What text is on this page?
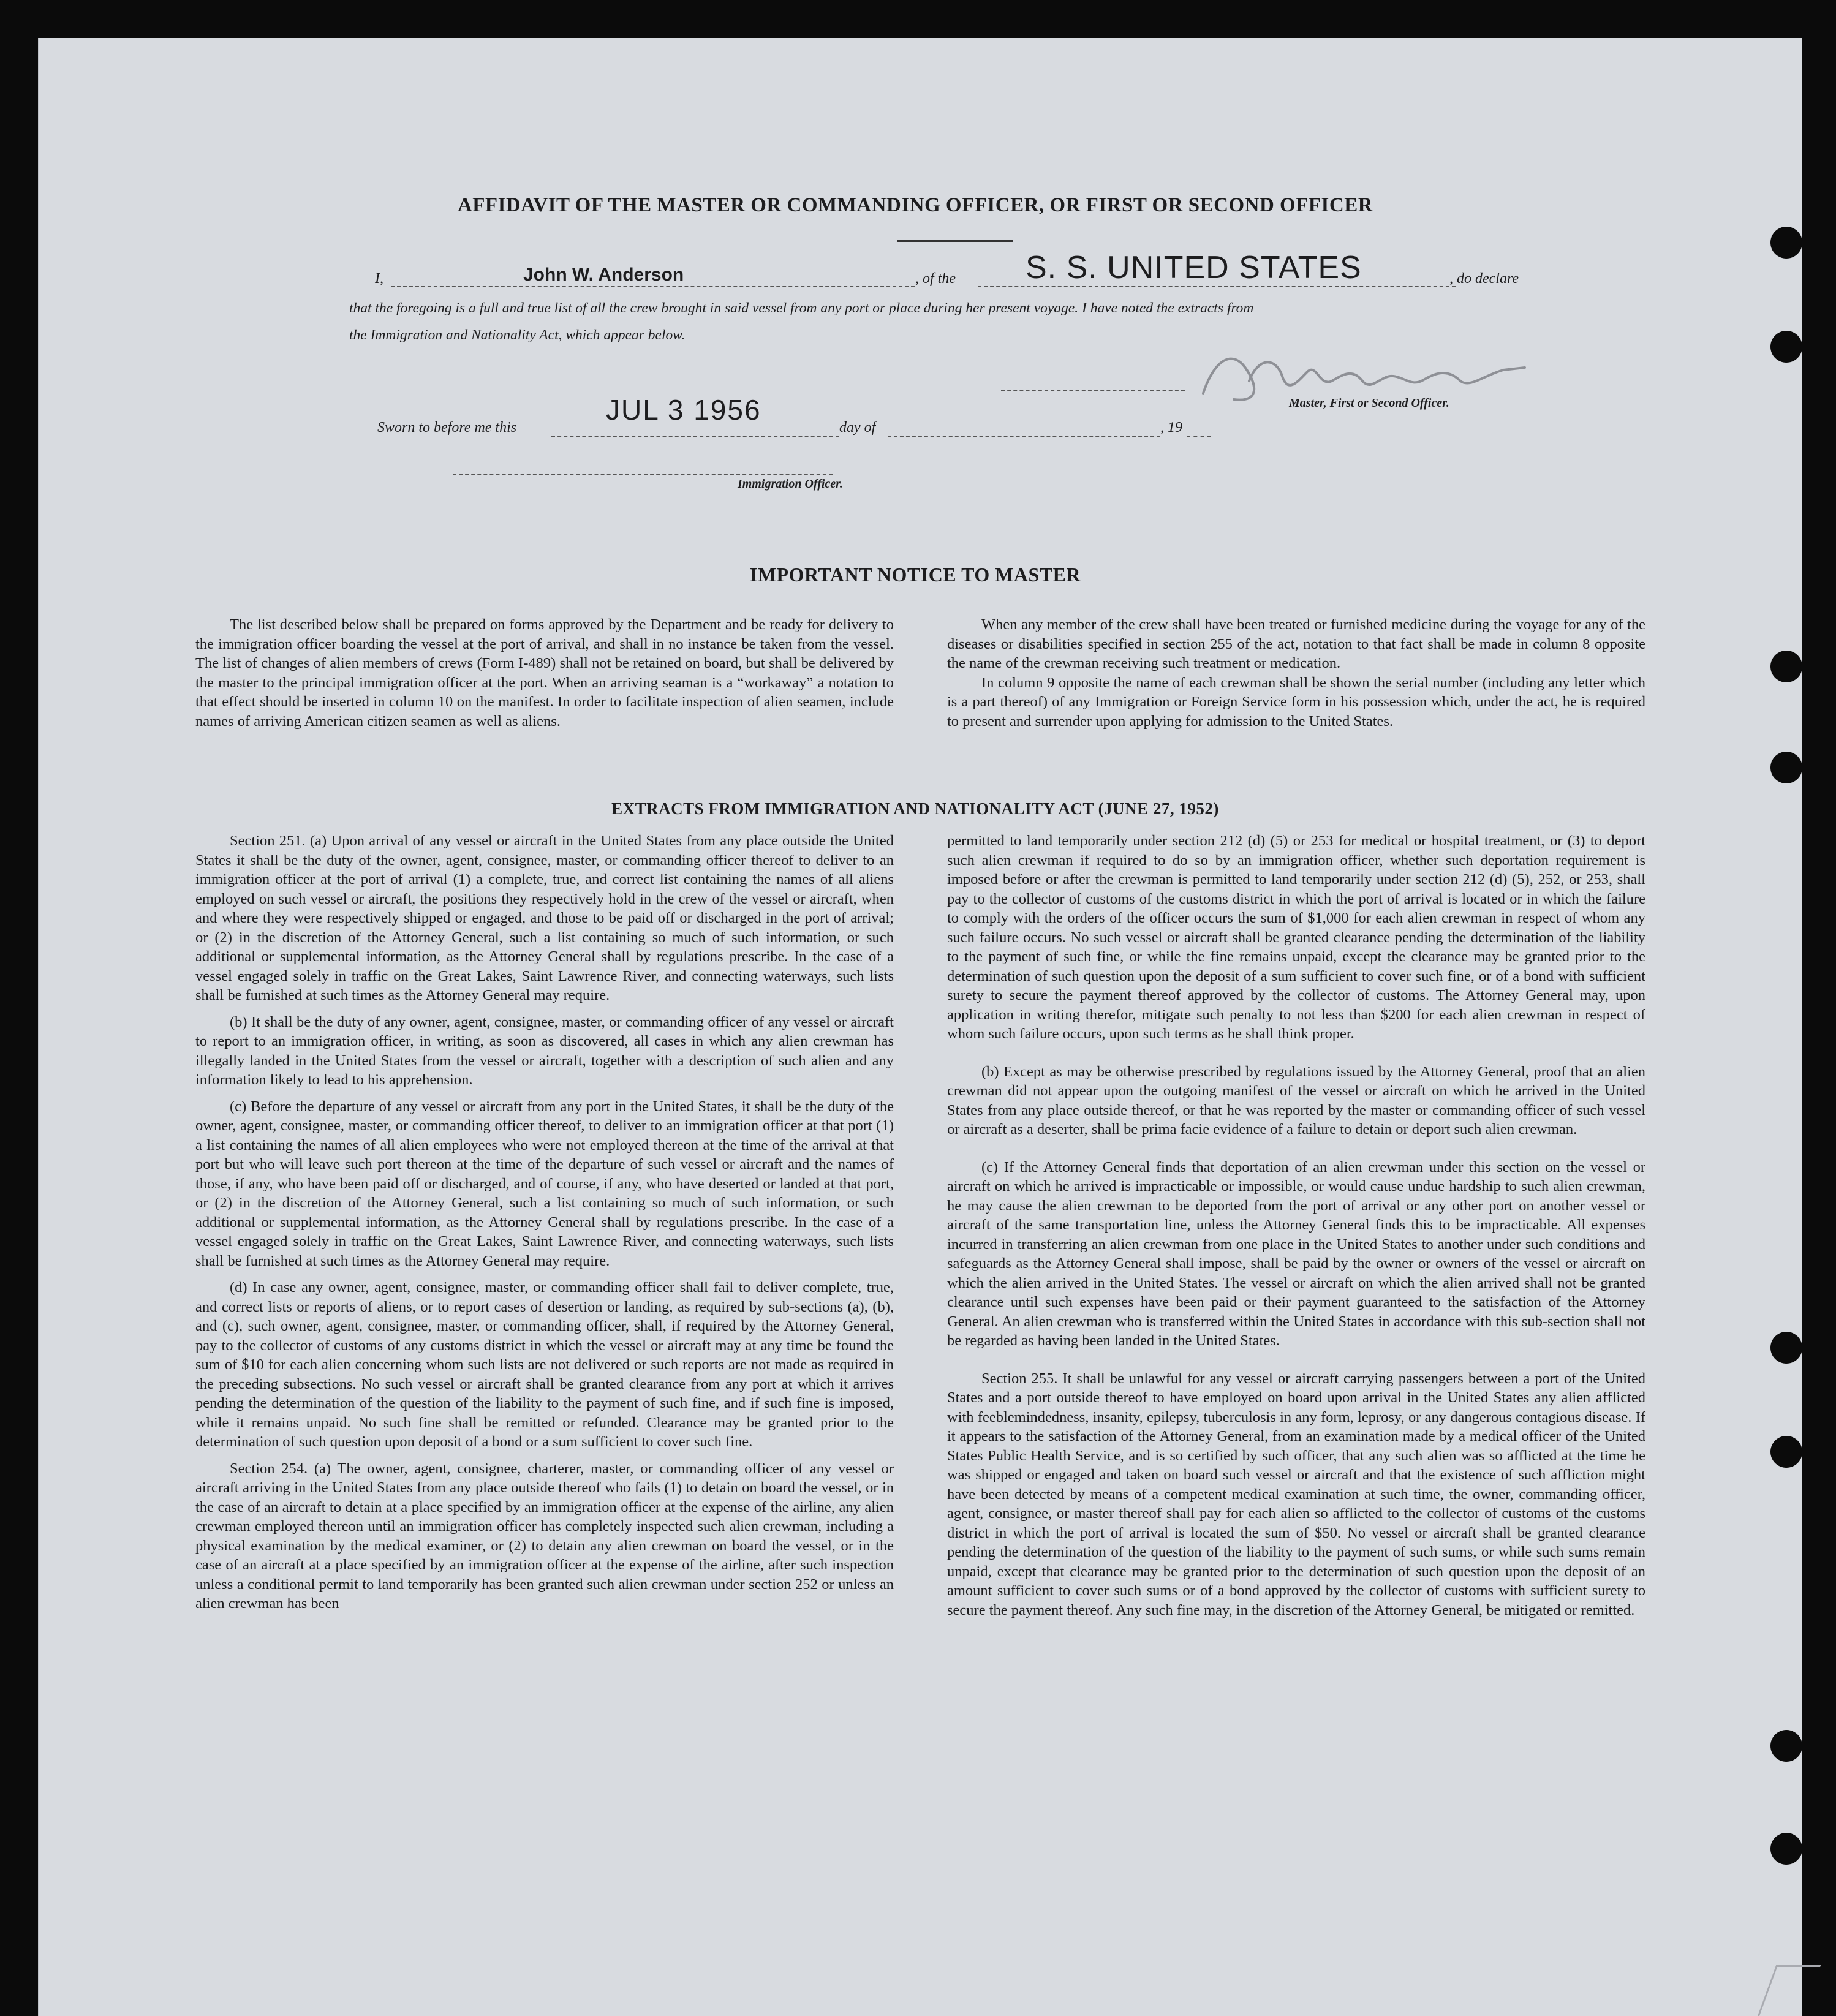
AFFIDAVIT OF THE MASTER OR COMMANDING OFFICER, OR FIRST OR SECOND OFFICER
I,	John W. Anderson	, of the S. S. UNITED STATES	, do declare
that the foregoing is a full and true list of all the crew brought in said vessel from any port or place during her present voyage. I have noted the extracts from
the Immigration and Nationality Act, which appear below.
Master, First or Second Officer.
Sworn to before me this
JUL 3 1956
day of	, 19
Immigration Officer.
IMPORTANT NOTICE TO MASTER

The list described below shall be prepared on forms approved by the Department and be ready for delivery to the immigration officer boarding the vessel at the port of arrival, and shall in no instance be taken from the vessel. The list of changes of alien members of crews (Form I-489) shall not be retained on board, but shall be delivered by the master to the principal immigration officer at the port. When an arriving seaman is a “workaway” a notation to that effect should be inserted in column 10 on the manifest. In order to facilitate inspection of alien seamen, include names of arriving American citizen seamen as well as aliens.

When any member of the crew shall have been treated or furnished medicine during the voyage for any of the diseases or disabilities specified in section 255 of the act, notation to that fact shall be made in column 8 opposite the name of the crewman receiving such treatment or medication.

In column 9 opposite the name of each crewman shall be shown the serial number (including any letter which is a part thereof) of any Immigration or Foreign Service form in his possession which, under the act, he is required to present and surrender upon applying for admission to the United States.

EXTRACTS FROM IMMIGRATION AND NATIONALITY ACT (JUNE 27, 1952)

Section 251. (a) Upon arrival of any vessel or aircraft in the United States from any place outside the United States it shall be the duty of the owner, agent, consignee, master, or commanding officer thereof to deliver to an immigration officer at the port of arrival (1) a complete, true, and correct list containing the names of all aliens employed on such vessel or aircraft, the positions they respectively hold in the crew of the vessel or aircraft, when and where they were respectively shipped or engaged, and those to be paid off or discharged in the port of arrival; or (2) in the discretion of the Attorney General, such a list containing so much of such information, or such additional or supplemental information, as the Attorney General shall by regulations prescribe. In the case of a vessel engaged solely in traffic on the Great Lakes, Saint Lawrence River, and connecting waterways, such lists shall be furnished at such times as the Attorney General may require.

(b) It shall be the duty of any owner, agent, consignee, master, or commanding officer of any vessel or aircraft to report to an immigration officer, in writing, as soon as discovered, all cases in which any alien crewman has illegally landed in the United States from the vessel or aircraft, together with a description of such alien and any information likely to lead to his apprehension.

(c) Before the departure of any vessel or aircraft from any port in the United States, it shall be the duty of the owner, agent, consignee, master, or commanding officer thereof, to deliver to an immigration officer at that port (1) a list containing the names of all alien employees who were not employed thereon at the time of the arrival at that port but who will leave such port thereon at the time of the departure of such vessel or aircraft and the names of those, if any, who have been paid off or discharged, and of course, if any, who have deserted or landed at that port, or (2) in the discretion of the Attorney General, such a list containing so much of such information, or such additional or supplemental information, as the Attorney General shall by regulations prescribe. In the case of a vessel engaged solely in traffic on the Great Lakes, Saint Lawrence River, and connecting waterways, such lists shall be furnished at such times as the Attorney General may require.

(d) In case any owner, agent, consignee, master, or commanding officer shall fail to deliver complete, true, and correct lists or reports of aliens, or to report cases of desertion or landing, as required by sub-sections (a), (b), and (c), such owner, agent, consignee, master, or commanding officer, shall, if required by the Attorney General, pay to the collector of customs of any customs district in which the vessel or aircraft may at any time be found the sum of $10 for each alien concerning whom such lists are not delivered or such reports are not made as required in the preceding subsections. No such vessel or aircraft shall be granted clearance from any port at which it arrives pending the determination of the question of the liability to the payment of such fine, and if such fine is imposed, while it remains unpaid. No such fine shall be remitted or refunded. Clearance may be granted prior to the determination of such question upon deposit of a bond or a sum sufficient to cover such fine.

Section 254. (a) The owner, agent, consignee, charterer, master, or commanding officer of any vessel or aircraft arriving in the United States from any place outside thereof who fails (1) to detain on board the vessel, or in the case of an aircraft to detain at a place specified by an immigration officer at the expense of the airline, any alien crewman employed thereon until an immigration officer has completely inspected such alien crewman, including a physical examination by the medical examiner, or (2) to detain any alien crewman on board the vessel, or in the case of an aircraft at a place specified by an immigration officer at the expense of the airline, after such inspection unless a conditional permit to land temporarily has been granted such alien crewman under section 252 or unless an alien crewman has been

permitted to land temporarily under section 212 (d) (5) or 253 for medical or hospital treatment, or (3) to deport such alien crewman if required to do so by an immigration officer, whether such deportation requirement is imposed before or after the crewman is permitted to land temporarily under section 212 (d) (5), 252, or 253, shall pay to the collector of customs of the customs district in which the port of arrival is located or in which the failure to comply with the orders of the officer occurs the sum of $1,000 for each alien crewman in respect of whom any such failure occurs. No such vessel or aircraft shall be granted clearance pending the determination of the liability to the payment of such fine, or while the fine remains unpaid, except the clearance may be granted prior to the determination of such question upon the deposit of a sum sufficient to cover such fine, or of a bond with sufficient surety to secure the payment thereof approved by the collector of customs. The Attorney General may, upon application in writing therefor, mitigate such penalty to not less than $200 for each alien crewman in respect of whom such failure occurs, upon such terms as he shall think proper.

(b) Except as may be otherwise prescribed by regulations issued by the Attorney General, proof that an alien crewman did not appear upon the outgoing manifest of the vessel or aircraft on which he arrived in the United States from any place outside thereof, or that he was reported by the master or commanding officer of such vessel or aircraft as a deserter, shall be prima facie evidence of a failure to detain or deport such alien crewman.

(c) If the Attorney General finds that deportation of an alien crewman under this section on the vessel or aircraft on which he arrived is impracticable or impossible, or would cause undue hardship to such alien crewman, he may cause the alien crewman to be deported from the port of arrival or any other port on another vessel or aircraft of the same transportation line, unless the Attorney General finds this to be impracticable. All expenses incurred in transferring an alien crewman from one place in the United States to another under such conditions and safeguards as the Attorney General shall impose, shall be paid by the owner or owners of the vessel or aircraft on which the alien arrived in the United States. The vessel or aircraft on which the alien arrived shall not be granted clearance until such expenses have been paid or their payment guaranteed to the satisfaction of the Attorney General. An alien crewman who is transferred within the United States in accordance with this sub-section shall not be regarded as having been landed in the United States.

Section 255. It shall be unlawful for any vessel or aircraft carrying passengers between a port of the United States and a port outside thereof to have employed on board upon arrival in the United States any alien afflicted with feeblemindedness, insanity, epilepsy, tuberculosis in any form, leprosy, or any dangerous contagious disease. If it appears to the satisfaction of the Attorney General, from an examination made by a medical officer of the United States Public Health Service, and is so certified by such officer, that any such alien was so afflicted at the time he was shipped or engaged and taken on board such vessel or aircraft and that the existence of such affliction might have been detected by means of a competent medical examination at such time, the owner, commanding officer, agent, consignee, or master thereof shall pay for each alien so afflicted to the collector of customs of the customs district in which the port of arrival is located the sum of $50. No vessel or aircraft shall be granted clearance pending the determination of the question of the liability to the payment of such sums, or while such sums remain unpaid, except that clearance may be granted prior to the determination of such question upon the deposit of an amount sufficient to cover such sums or of a bond approved by the collector of customs with sufficient surety to secure the payment thereof. Any such fine may, in the discretion of the Attorney General, be mitigated or remitted.
